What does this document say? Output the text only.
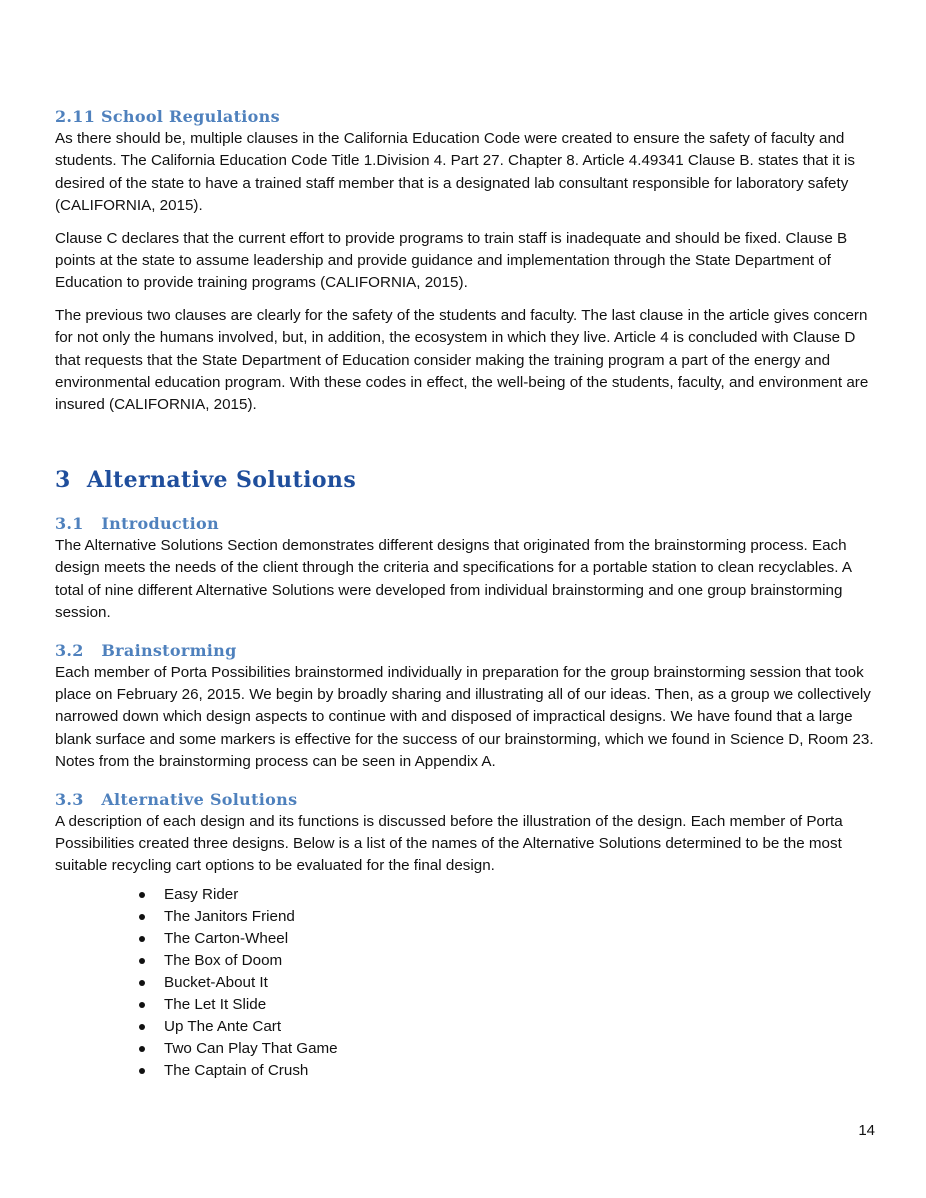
2.11 School Regulations

As there should be, multiple clauses in the California Education Code were created to ensure the safety of faculty and students. The California Education Code Title 1.Division 4. Part 27. Chapter 8. Article 4.49341 Clause B. states that it is desired of the state to have a trained staff member that is a designated lab consultant responsible for laboratory safety (CALIFORNIA, 2015).

Clause C declares that the current effort to provide programs to train staff is inadequate and should be fixed. Clause B points at the state to assume leadership and provide guidance and implementation through the State Department of Education to provide training programs (CALIFORNIA, 2015).

The previous two clauses are clearly for the safety of the students and faculty. The last clause in the article gives concern for not only the humans involved, but, in addition, the ecosystem in which they live. Article 4 is concluded with Clause D that requests that the State Department of Education consider making the training program a part of the energy and environmental education program. With these codes in effect, the well-being of the students, faculty, and environment are insured (CALIFORNIA, 2015).

3  Alternative Solutions
3.1   Introduction

The Alternative Solutions Section demonstrates different designs that originated from the brainstorming process. Each design meets the needs of the client through the criteria and specifications for a portable station to clean recyclables. A total of nine different Alternative Solutions were developed from individual brainstorming and one group brainstorming session.

3.2   Brainstorming

Each member of Porta Possibilities brainstormed individually in preparation for the group brainstorming session that took place on February 26, 2015. We begin by broadly sharing and illustrating all of our ideas. Then, as a group we collectively narrowed down which design aspects to continue with and disposed of impractical designs. We have found that a large blank surface and some markers is effective for the success of our brainstorming, which we found in Science D, Room 23. Notes from the brainstorming process can be seen in Appendix A.

3.3   Alternative Solutions

A description of each design and its functions is discussed before the illustration of the design. Each member of Porta Possibilities created three designs. Below is a list of the names of the Alternative Solutions determined to be the most suitable recycling cart options to be evaluated for the final design.

Easy Rider
The Janitors Friend
The Carton-Wheel
The Box of Doom
Bucket-About It
The Let It Slide
Up The Ante Cart
Two Can Play That Game
The Captain of Crush
14
